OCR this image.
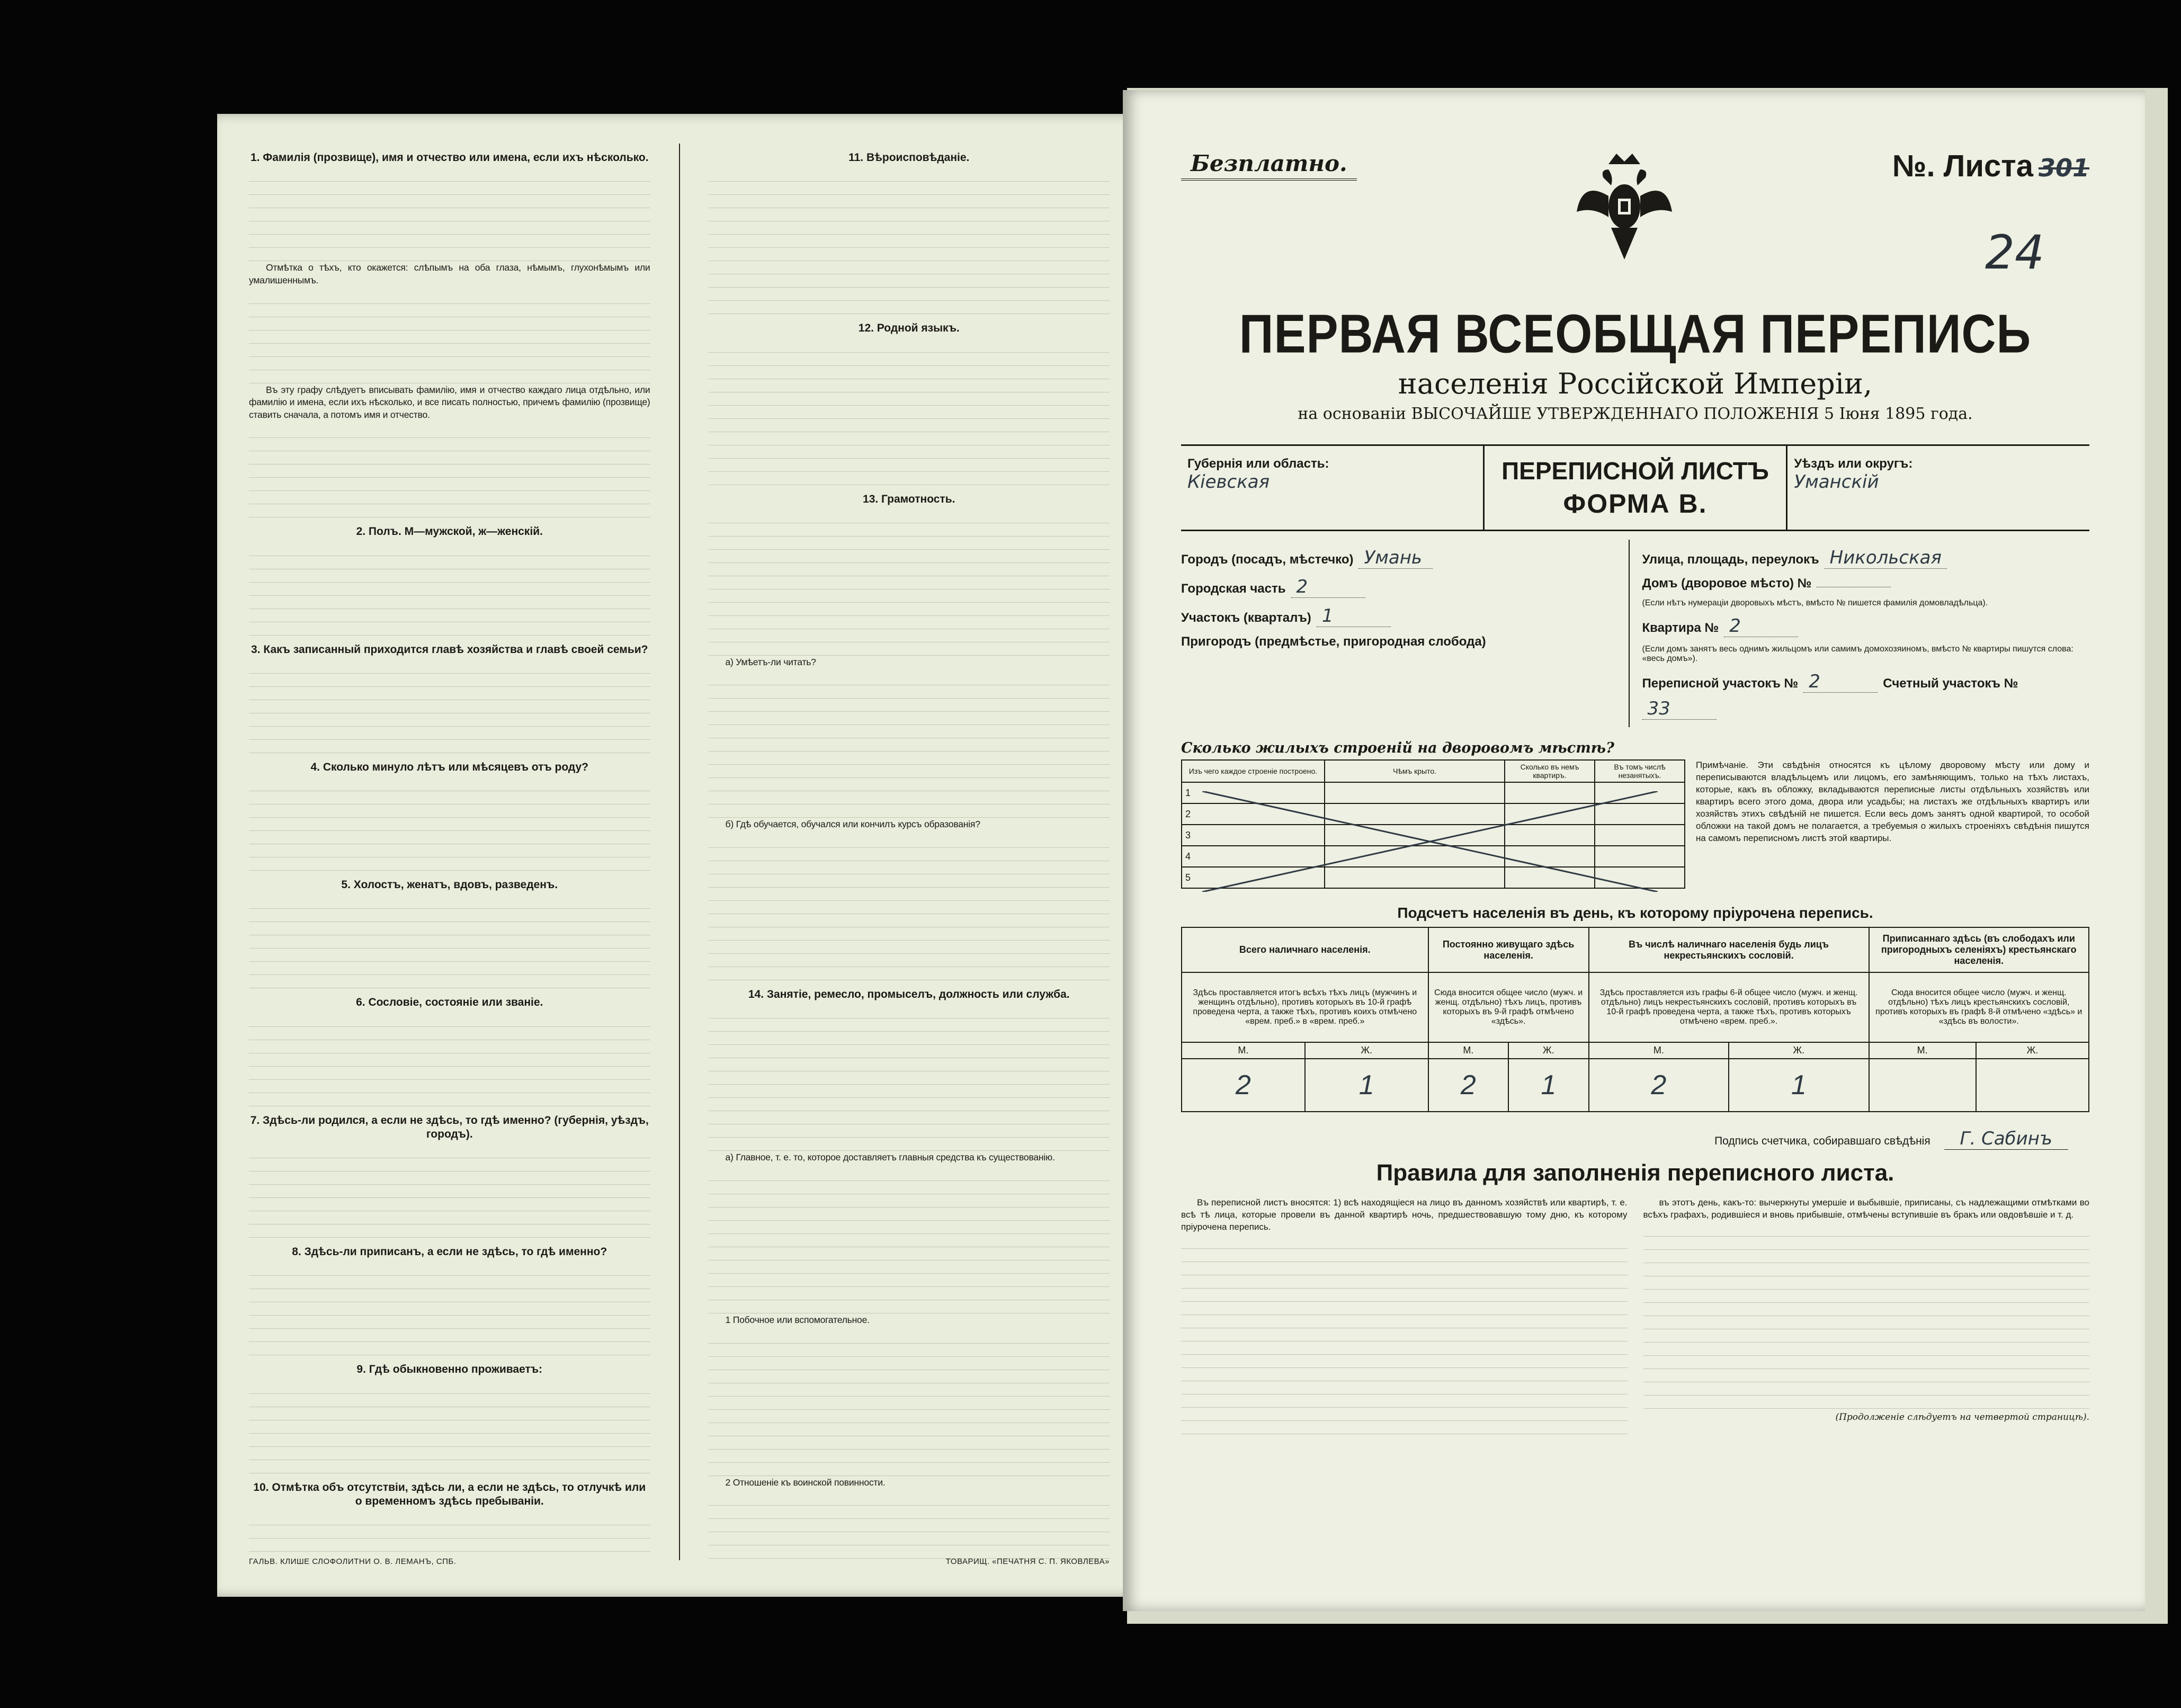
1. Фамилія (прозвище), имя и отчество или имена, если ихъ нѣсколько.

Отмѣтка о тѣхъ, кто окажется: слѣпымъ на оба глаза, нѣмымъ, глухонѣмымъ или умалишеннымъ.

Въ эту графу слѣдуетъ вписывать фамилію, имя и отчество каждаго лица отдѣльно, или фамилію и имена, если ихъ нѣсколько, и все писать полностью, причемъ фамилію (прозвище) ставить сначала, а потомъ имя и отчество.

2. Полъ. М—мужской, ж—женскій.
3. Какъ записанный приходится главѣ хозяйства и главѣ своей семьи?
4. Сколько минуло лѣтъ или мѣсяцевъ отъ роду?
5. Холостъ, женатъ, вдовъ, разведенъ.
6. Сословіе, состояніе или званіе.
7. Здѣсь-ли родился, а если не здѣсь, то гдѣ именно? (губернія, уѣздъ, городъ).
8. Здѣсь-ли приписанъ, а если не здѣсь, то гдѣ именно?
9. Гдѣ обыкновенно проживаетъ:
10. Отмѣтка объ отсутствіи, здѣсь ли, а если не здѣсь, то отлучкѣ или о временномъ здѣсь пребываніи.
11. Вѣроисповѣданіе.
12. Родной языкъ.
13. Грамотность.

а) Умѣетъ-ли читать?

б) Гдѣ обучается, обучался или кончилъ курсъ образованія?

14. Занятіе, ремесло, промыселъ, должность или служба.

а) Главное, т. е. то, которое доставляетъ главныя средства къ существованію.

1 Побочное или вспомогательное.

2 Отношеніе къ воинской повинности.

ГАЛЬВ. КЛИШЕ СЛОФОЛИТНИ О. В. ЛЕМАНЪ, СПБ.	ТОВАРИЩ. «ПЕЧАТНЯ С. П. ЯКОВЛЕВА»
Безплатно.	№. Листа 301
24
ПЕРВАЯ ВСЕОБЩАЯ ПЕРЕПИСЬ
населенія Россійской Имперіи,
на основаніи ВЫСОЧАЙШЕ УТВЕРЖДЕННАГО ПОЛОЖЕНІЯ 5 Іюня 1895 года.
Губернія или область:
Кіевская	ПЕРЕПИСНОЙ ЛИСТЪ
ФОРМА В.
Уѣздъ или округъ:
Уманскій
Городъ (посадъ, мѣстечко) Умань
Городская часть 2
Участокъ (кварталъ) 1
Пригородъ (предмѣстье, пригородная слобода)
Улица, площадь, переулокъ Никольская
Домъ (дворовое мѣсто) №
(Если нѣтъ нумераціи дворовыхъ мѣстъ, вмѣсто № пишется фамилія домовладѣльца).
Квартира № 2
(Если домъ занятъ весь однимъ жильцомъ или самимъ домохозяиномъ, вмѣсто № квартиры пишутся слова: «весь домъ»).
Переписной участокъ № 2	Счетный участокъ №
33
Сколько жилыхъ строеній на дворовомъ мѣстѣ?
Изъ чего каждое строеніе построено.	Чѣмъ крыто.	Сколько въ немъ квартиръ.	Въ томъ числѣ незанятыхъ.
1			
2			
3			
4			
5			
Примѣчаніе. Эти свѣдѣнія относятся къ цѣлому дворовому мѣсту или дому и переписываются владѣльцемъ или лицомъ, его замѣняющимъ, только на тѣхъ листахъ, которые, какъ въ обложку, вкладываются переписные листы отдѣльныхъ хозяйствъ или квартиръ всего этого дома, двора или усадьбы; на листахъ же отдѣльныхъ квартиръ или хозяйствъ этихъ свѣдѣній не пишется. Если весь домъ занятъ одной квартирой, то особой обложки на такой домъ не полагается, а требуемыя о жилыхъ строеніяхъ свѣдѣнія пишутся на самомъ переписномъ листѣ этой квартиры.
Подсчетъ населенія въ день, къ которому пріурочена перепись.
Всего наличнаго населенія.		Постоянно живущаго здѣсь населенія.		Въ числѣ наличнаго населенія будь лицъ некрестьянскихъ сословій.		Приписаннаго здѣсь (въ слободахъ или пригородныхъ селеніяхъ) крестьянскаго населенія.	
Здѣсь проставляется итогъ всѣхъ тѣхъ лицъ (мужчинъ и женщинъ отдѣльно), противъ которыхъ въ 10-й графѣ проведена черта, а также тѣхъ, противъ коихъ отмѣчено «врем. преб.» в «врем. преб.»		Сюда вносится общее число (мужч. и женщ. отдѣльно) тѣхъ лицъ, противъ которыхъ въ 9-й графѣ отмѣчено «здѣсь».		Здѣсь проставляется изъ графы 6-й общее число (мужч. и женщ. отдѣльно) лицъ некрестьянскихъ сословій, противъ которыхъ въ 10-й графѣ проведена черта, а также тѣхъ, противъ которыхъ отмѣчено «врем. преб.».		Сюда вносится общее число (мужч. и женщ. отдѣльно) тѣхъ лицъ крестьянскихъ сословій, противъ которыхъ въ графѣ 8-й отмѣчено «здѣсь» и «здѣсь въ волости».	
М.	Ж.	М.	Ж.	М.	Ж.	М.	Ж.
2	1	2	1	2	1		
Подпись счетчика, собиравшаго свѣдѣнія Г. Сабинъ
Правила для заполненія переписного листа.

Въ переписной листъ вносятся: 1) всѣ находящіеся на лицо въ данномъ хозяйствѣ или квартирѣ, т. е. всѣ тѣ лица, которые провели въ данной квартирѣ ночь, предшествовавшую тому дню, къ которому пріурочена перепись.

въ этотъ день, какъ-то: вычеркнуты умершіе и выбывшіе, приписаны, съ надлежащими отмѣтками во всѣхъ графахъ, родившіеся и вновь прибывшіе, отмѣчены вступившіе въ бракъ или овдовѣвшіе и т. д.

(Продолженіе слѣдуетъ на четвертой страницѣ).
